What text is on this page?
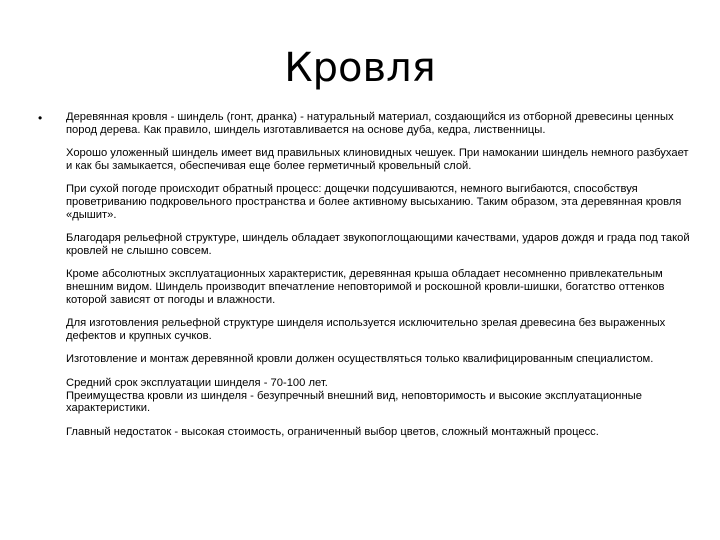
Кровля
• Деревянная кровля - шиндель (гонт, дранка) - натуральный материал, создающийся из отборной древесины ценных пород дерева. Как правило, шиндель изготавливается на основе дуба, кедра, лиственницы.

Хорошо уложенный шиндель имеет вид правильных клиновидных чешуек. При намокании шиндель немного разбухает и как бы замыкается, обеспечивая еще более герметичный кровельный слой.

При сухой погоде происходит обратный процесс: дощечки подсушиваются, немного выгибаются, способствуя проветриванию подкровельного пространства и более активному высыханию. Таким образом, эта деревянная кровля «дышит».

Благодаря рельефной структуре, шиндель обладает звукопоглощающими качествами, ударов дождя и града под такой кровлей не слышно совсем.

Кроме абсолютных эксплуатационных характеристик, деревянная крыша обладает несомненно привлекательным внешним видом. Шиндель производит впечатление неповторимой и роскошной кровли-шишки, богатство оттенков которой зависят от погоды и влажности.

Для изготовления рельефной структуре шинделя используется исключительно зрелая древесина без выраженных дефектов и крупных сучков.

Изготовление и монтаж деревянной кровли должен осуществляться только квалифицированным специалистом.

Средний срок эксплуатации шинделя - 70-100 лет.

Преимущества кровли из шинделя - безупречный внешний вид, неповторимость и высокие эксплуатационные характеристики.

Главный недостаток - высокая стоимость, ограниченный выбор цветов, сложный монтажный процесс.
